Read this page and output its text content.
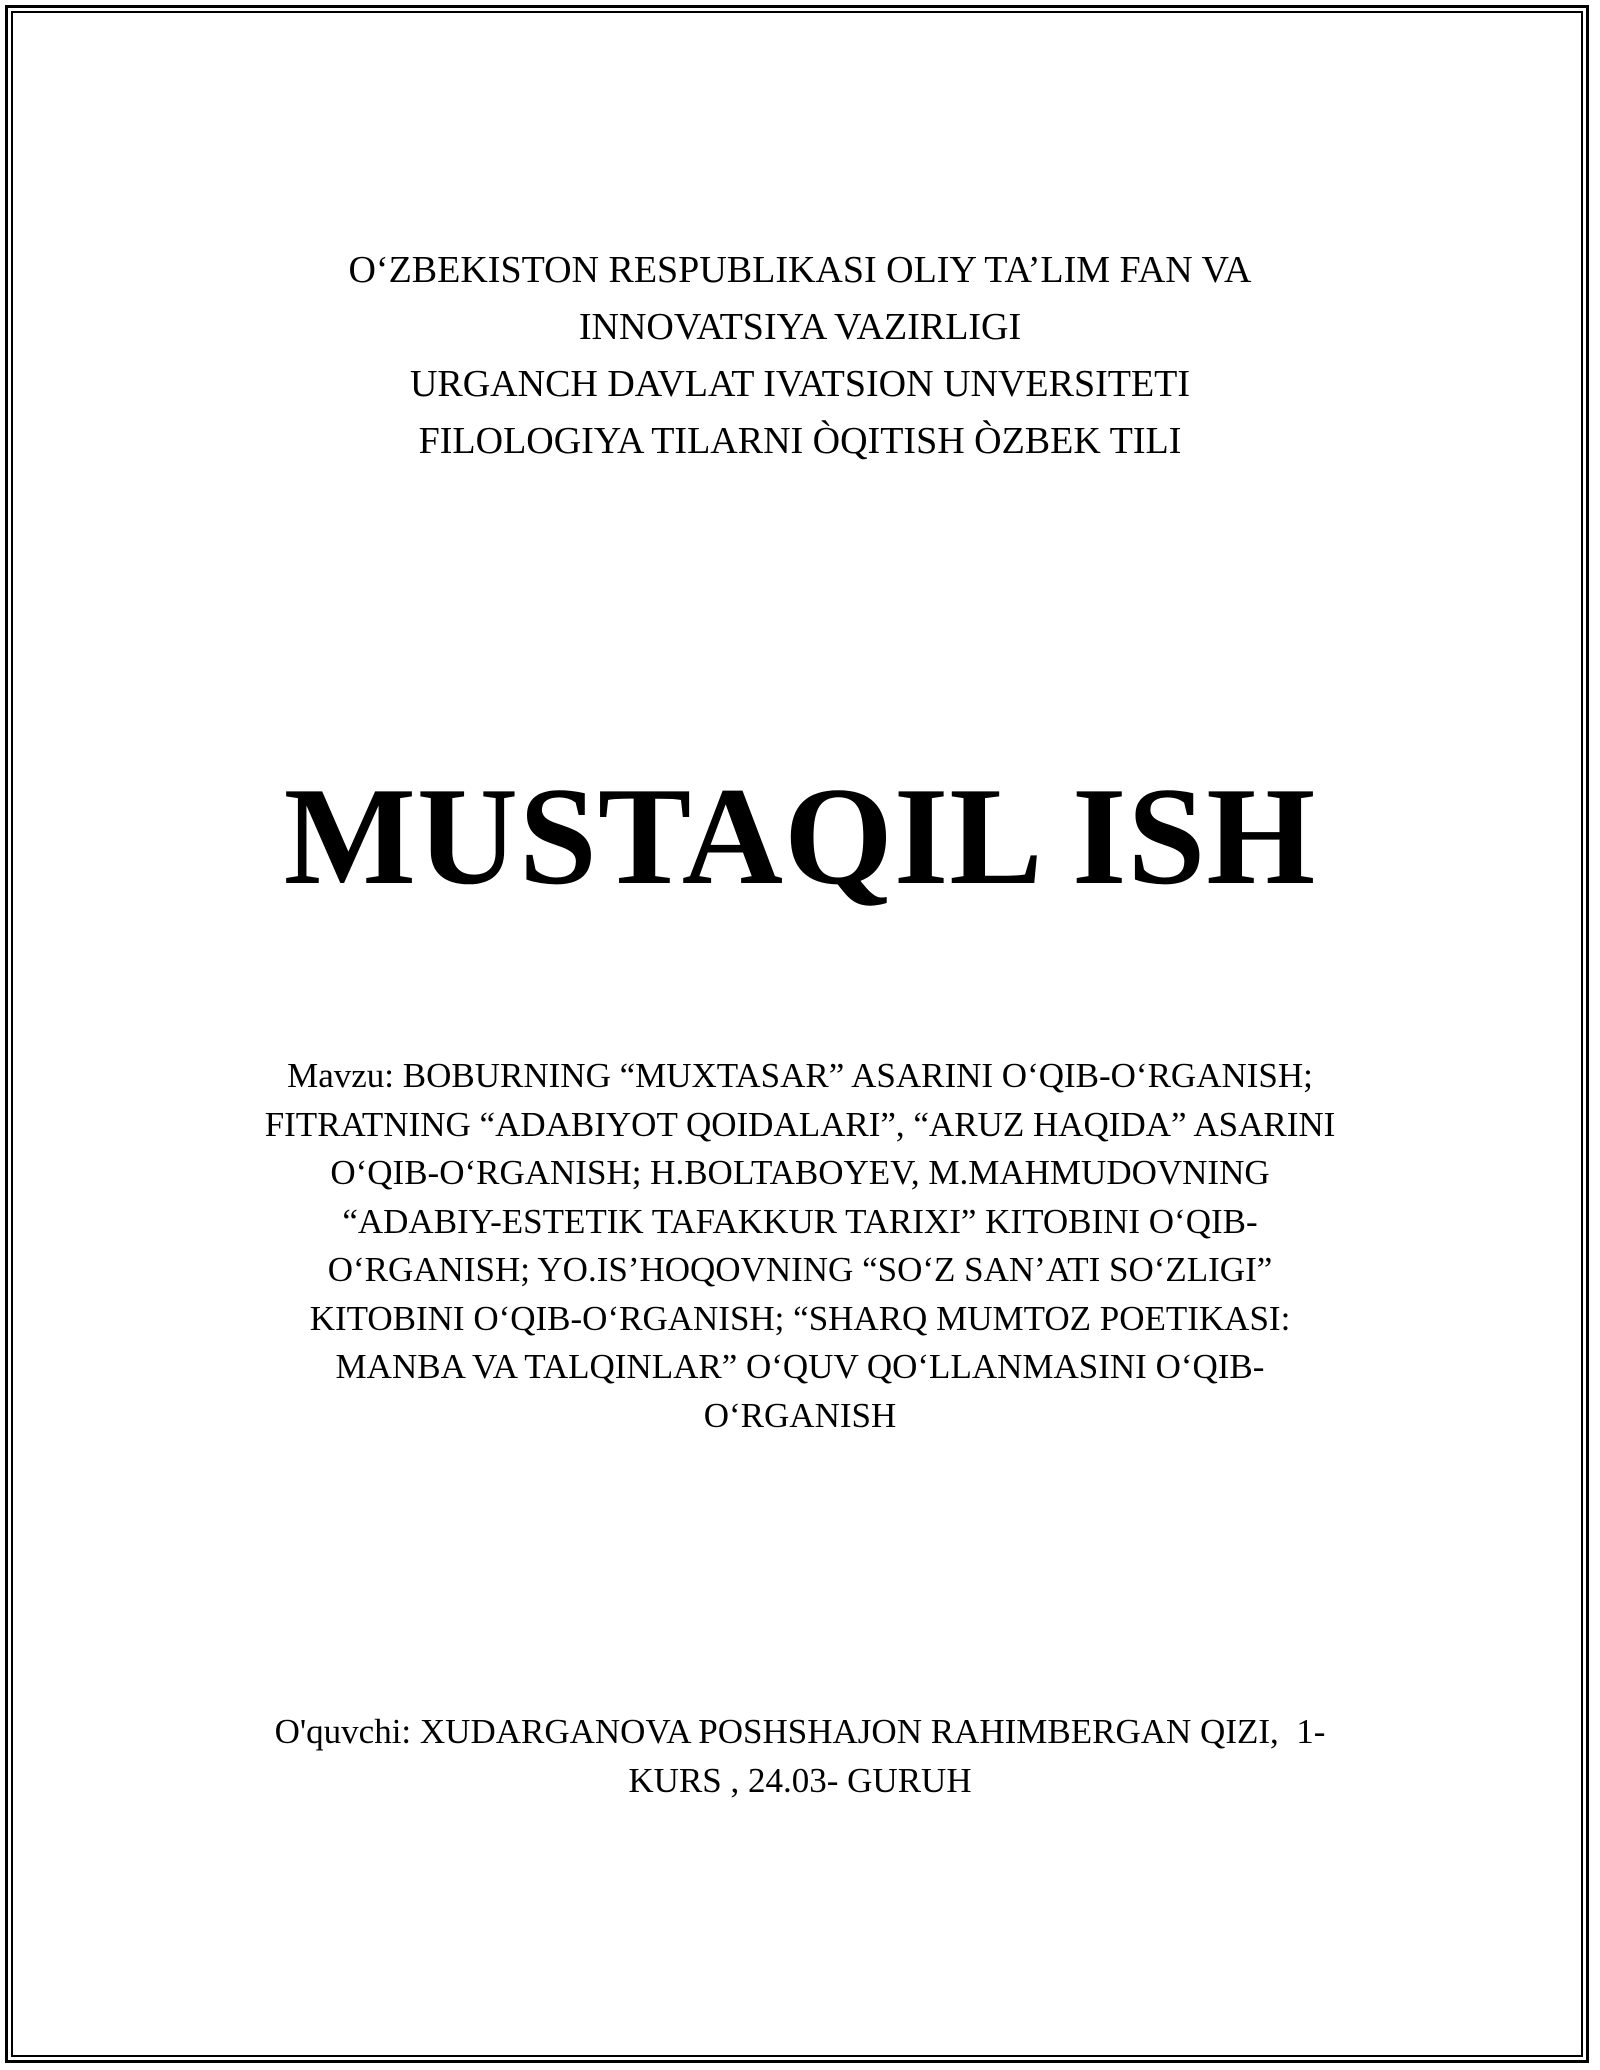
O‘ZBEKISTON RESPUBLIKASI OLIY TA’LIM FAN VA
INNOVATSIYA VAZIRLIGI
URGANCH DAVLAT IVATSION UNVERSITETI
FILOLOGIYA TILARNI ÒQITISH ÒZBEK TILI
MUSTAQIL ISH
Mavzu: BOBURNING “MUXTASAR” ASARINI O‘QIB-O‘RGANISH;
FITRATNING “ADABIYOT QOIDALARI”, “ARUZ HAQIDA” ASARINI
O‘QIB-O‘RGANISH; H.BOLTABOYEV, M.MAHMUDOVNING
“ADABIY-ESTETIK TAFAKKUR TARIXI” KITOBINI O‘QIB-
O‘RGANISH; YO.IS’HOQOVNING “SO‘Z SAN’ATI SO‘ZLIGI”
KITOBINI O‘QIB-O‘RGANISH; “SHARQ MUMTOZ POETIKASI:
MANBA VA TALQINLAR” O‘QUV QO‘LLANMASINI O‘QIB-
O‘RGANISH
O'quvchi: XUDARGANOVA POSHSHAJON RAHIMBERGAN QIZI,  1-
KURS , 24.03- GURUH
